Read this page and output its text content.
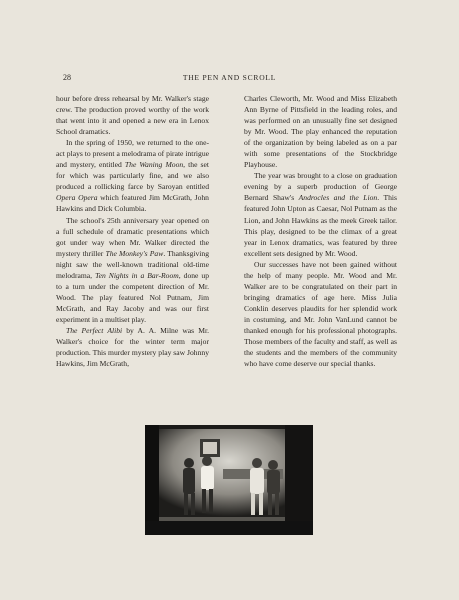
28	THE PEN AND SCROLL

hour before dress rehearsal by Mr. Walker's stage crew. The production proved worthy of the work that went into it and opened a new era in Lenox School dramatics.

In the spring of 1950, we returned to the one-act plays to present a melodrama of pirate intrigue and mystery, entitled The Waning Moon, the set for which was particularly fine, and we also produced a rollicking farce by Saroyan entitled Opera Opera which featured Jim McGrath, John Hawkins and Dick Columbia.

The school's 25th anniversary year opened on a full schedule of dramatic presentations which got under way when Mr. Walker directed the mystery thriller The Monkey's Paw. Thanksgiving night saw the well-known traditional old-time melodrama, Ten Nights in a Bar-Room, done up to a turn under the competent direction of Mr. Wood. The play featured Nol Putnam, Jim McGrath, and Ray Jacoby and was our first experiment in a multiset play.

The Perfect Alibi by A. A. Milne was Mr. Walker's choice for the winter term major production. This murder mystery play saw Johnny Hawkins, Jim McGrath,

Charles Cleworth, Mr. Wood and Miss Elizabeth Ann Byrne of Pittsfield in the leading roles, and was performed on an unusually fine set designed by Mr. Wood. The play enhanced the reputation of the organization by being labeled as on a par with some presentations of the Stockbridge Playhouse.

The year was brought to a close on graduation evening by a superb production of George Bernard Shaw's Androcles and the Lion. This featured John Upton as Caesar, Nol Putnam as the Lion, and John Hawkins as the meek Greek tailor. This play, designed to be the climax of a great year in Lenox dramatics, was featured by three excellent sets designed by Mr. Wood.

Our successes have not been gained without the help of many people. Mr. Wood and Mr. Walker are to be congratulated on their part in bringing dramatics of age here. Miss Julia Conklin deserves plaudits for her splendid work in costuming, and Mr. John VanLund cannot be thanked enough for his professional photographs. Those members of the faculty and staff, as well as the students and the members of the community who have come deserve our special thanks.
